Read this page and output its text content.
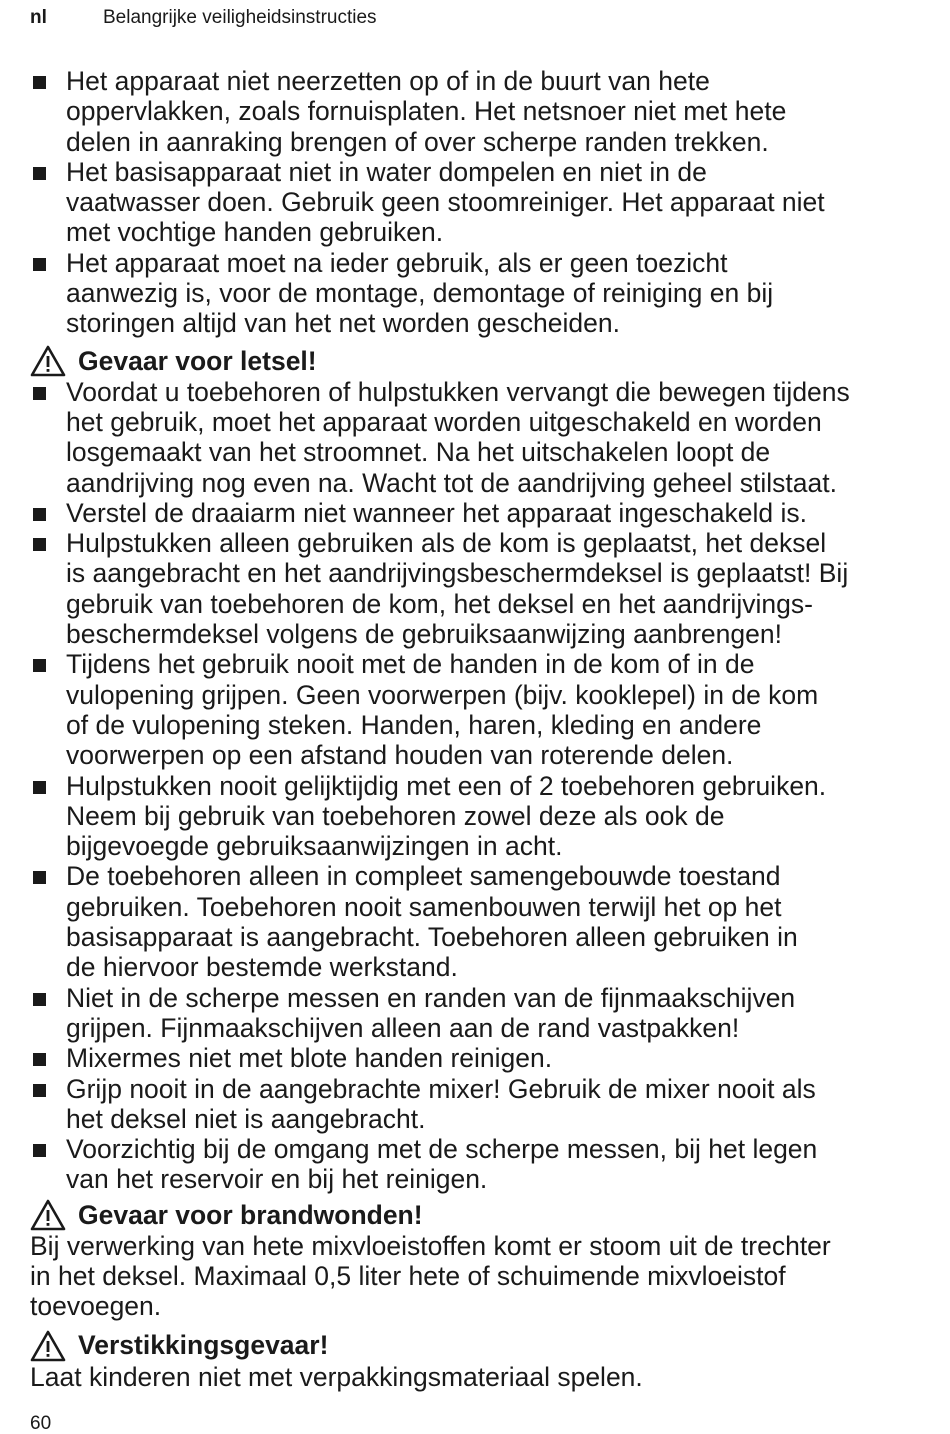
nl	Belangrijke veiligheidsinstructies
Het apparaat niet neerzetten op of in de buurt van hete
oppervlakken, zoals fornuisplaten. Het netsnoer niet met hete
delen in aanraking brengen of over scherpe randen trekken.
Het basisapparaat niet in water dompelen en niet in de
vaatwasser doen. Gebruik geen stoomreiniger. Het apparaat niet
met vochtige handen gebruiken.
Het apparaat moet na ieder gebruik, als er geen toezicht
aanwezig is, voor de montage, demontage of reiniging en bij
storingen altijd van het net worden gescheiden.
Gevaar voor letsel!
Voordat u toebehoren of hulpstukken vervangt die bewegen tijdens
het gebruik, moet het apparaat worden uitgeschakeld en worden
losgemaakt van het stroomnet. Na het uitschakelen loopt de
aandrijving nog even na. Wacht tot de aandrijving geheel stilstaat.
Verstel de draaiarm niet wanneer het apparaat ingeschakeld is.
Hulpstukken alleen gebruiken als de kom is geplaatst, het deksel
is aangebracht en het aandrijvingsbeschermdeksel is geplaatst! Bij
gebruik van toebehoren de kom, het deksel en het aandrijvings-
beschermdeksel volgens de gebruiksaanwijzing aanbrengen!
Tijdens het gebruik nooit met de handen in de kom of in de
vulopening grijpen. Geen voorwerpen (bijv. kooklepel) in de kom
of de vulopening steken. Handen, haren, kleding en andere
voorwerpen op een afstand houden van roterende delen.
Hulpstukken nooit gelijktijdig met een of 2 toebehoren gebruiken.
Neem bij gebruik van toebehoren zowel deze als ook de
bijgevoegde gebruiksaanwijzingen in acht.
De toebehoren alleen in compleet samengebouwde toestand
gebruiken. Toebehoren nooit samenbouwen terwijl het op het
basisapparaat is aangebracht. Toebehoren alleen gebruiken in
de hiervoor bestemde werkstand.
Niet in de scherpe messen en randen van de fijnmaakschijven
grijpen. Fijnmaakschijven alleen aan de rand vastpakken!
Mixermes niet met blote handen reinigen.
Grijp nooit in de aangebrachte mixer! Gebruik de mixer nooit als
het deksel niet is aangebracht.
Voorzichtig bij de omgang met de scherpe messen, bij het legen
van het reservoir en bij het reinigen.
Gevaar voor brandwonden!
Bij verwerking van hete mixvloeistoffen komt er stoom uit de trechter
in het deksel. Maximaal 0,5 liter hete of schuimende mixvloeistof
toevoegen.
Verstikkingsgevaar!
Laat kinderen niet met verpakkingsmateriaal spelen.
60
